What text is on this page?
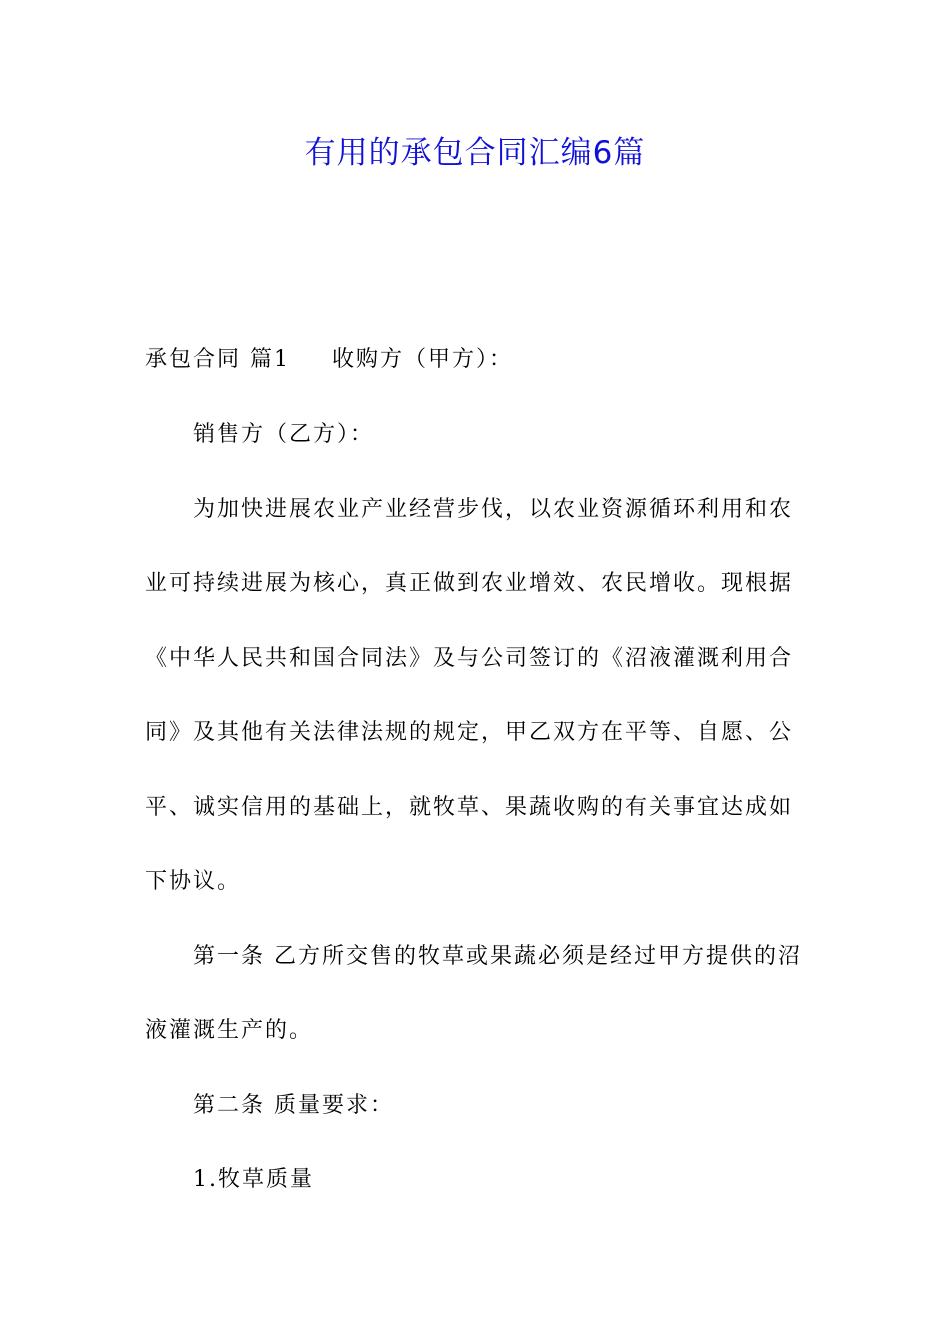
有用的承包合同汇编6篇
承包合同 篇1 收购方（甲方）：
销售方（乙方）：
为加快进展农业产业经营步伐，以农业资源循环利用和农
业可持续进展为核心，真正做到农业增效、农民增收。现根据
《中华人民共和国合同法》及与公司签订的《沼液灌溉利用合
同》及其他有关法律法规的规定，甲乙双方在平等、自愿、公
平、诚实信用的基础上，就牧草、果蔬收购的有关事宜达成如
下协议。
第一条 乙方所交售的牧草或果蔬必须是经过甲方提供的沼
液灌溉生产的。
第二条 质量要求：
1.牧草质量
